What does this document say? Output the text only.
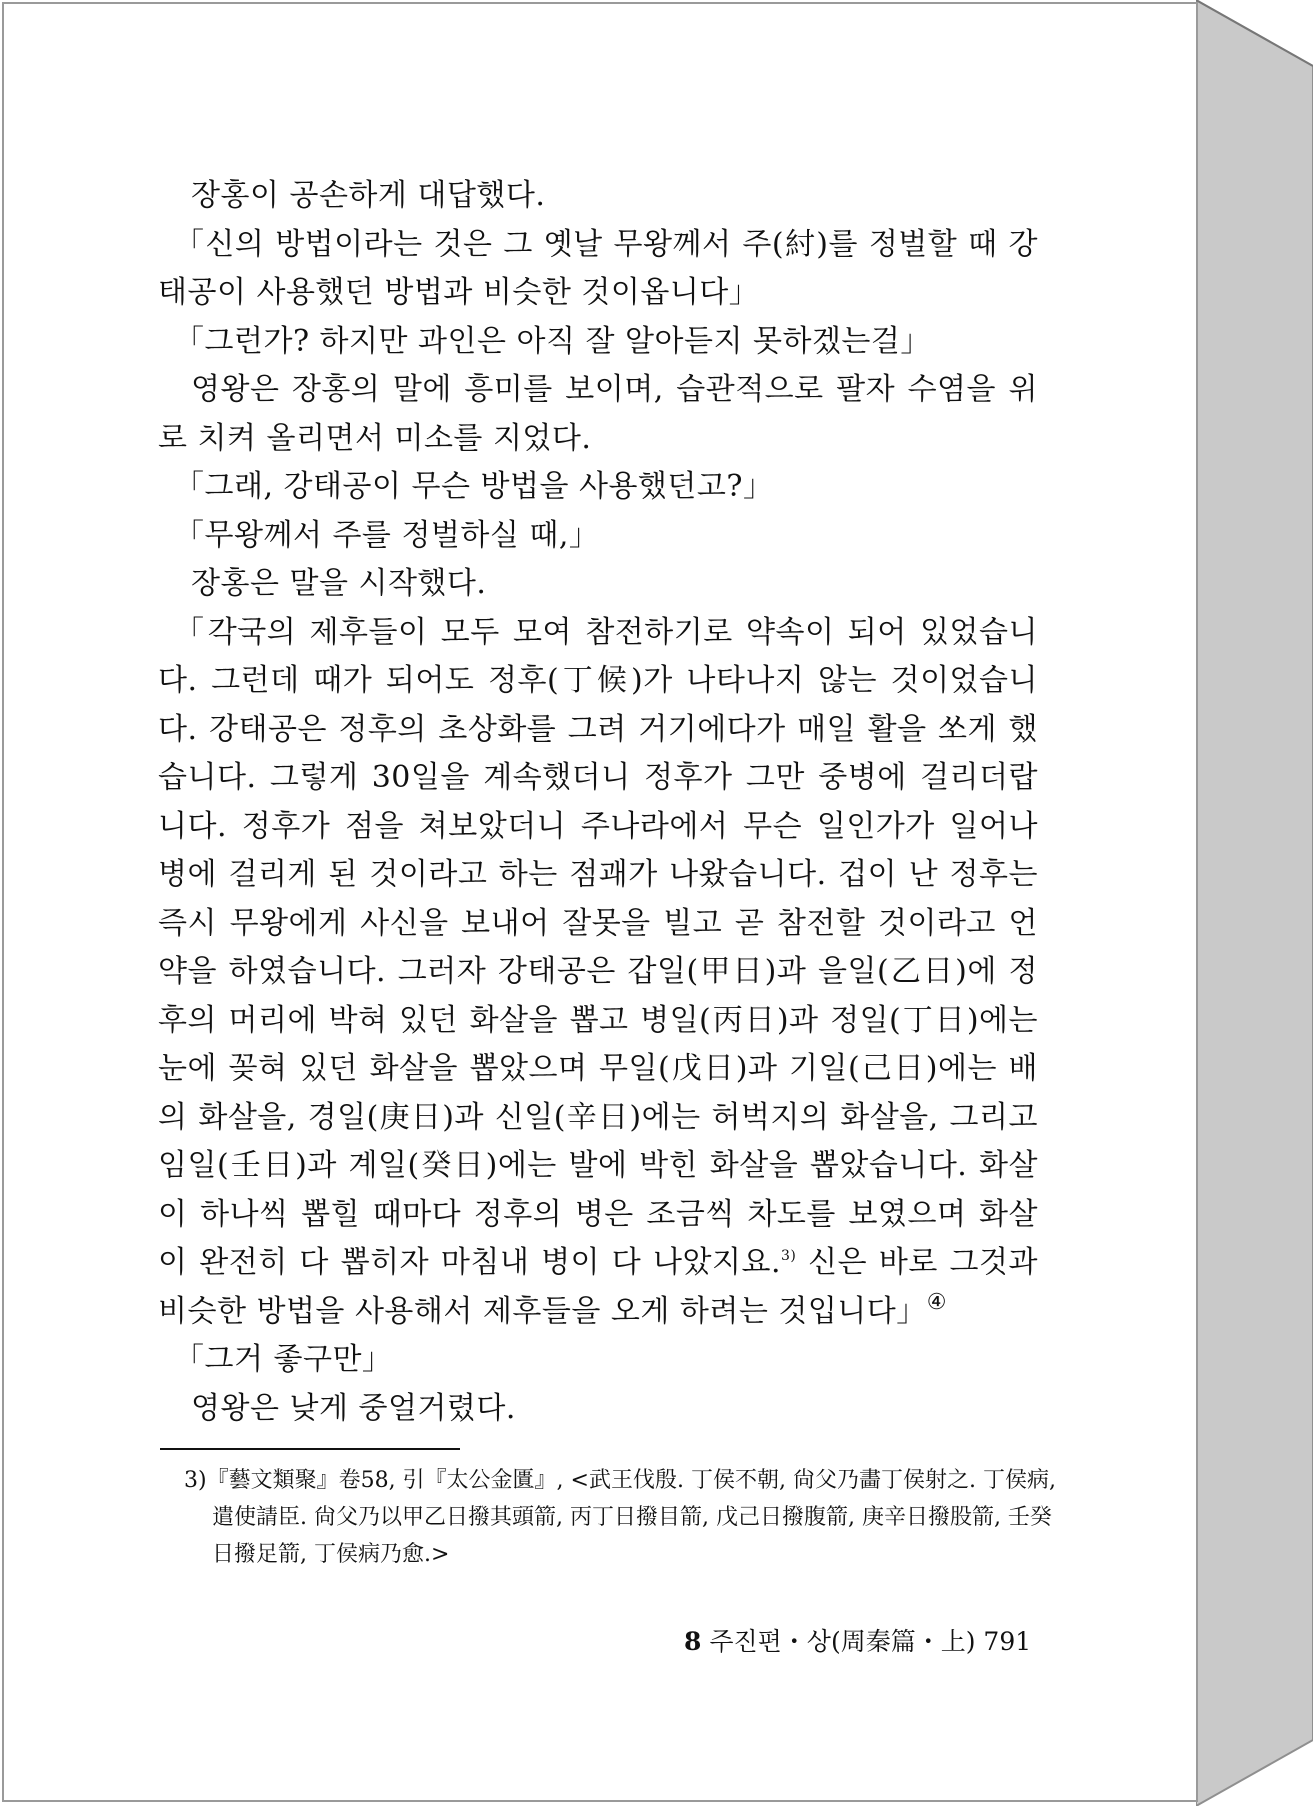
장홍이 공손하게 대답했다.

「신의 방법이라는 것은 그 옛날 무왕께서 주(紂)를 정벌할 때 강태공이 사용했던 방법과 비슷한 것이옵니다」

「그런가? 하지만 과인은 아직 잘 알아듣지 못하겠는걸」

영왕은 장홍의 말에 흥미를 보이며, 습관적으로 팔자 수염을 위로 치켜 올리면서 미소를 지었다.

「그래, 강태공이 무슨 방법을 사용했던고?」

「무왕께서 주를 정벌하실 때,」

장홍은 말을 시작했다.

「각국의 제후들이 모두 모여 참전하기로 약속이 되어 있었습니다. 그런데 때가 되어도 정후(丁候)가 나타나지 않는 것이었습니다. 강태공은 정후의 초상화를 그려 거기에다가 매일 활을 쏘게 했습니다. 그렇게 30일을 계속했더니 정후가 그만 중병에 걸리더랍니다. 정후가 점을 쳐보았더니 주나라에서 무슨 일인가가 일어나 병에 걸리게 된 것이라고 하는 점괘가 나왔습니다. 겁이 난 정후는 즉시 무왕에게 사신을 보내어 잘못을 빌고 곧 참전할 것이라고 언약을 하였습니다. 그러자 강태공은 갑일(甲日)과 을일(乙日)에 정후의 머리에 박혀 있던 화살을 뽑고 병일(丙日)과 정일(丁日)에는 눈에 꽂혀 있던 화살을 뽑았으며 무일(戊日)과 기일(己日)에는 배의 화살을, 경일(庚日)과 신일(辛日)에는 허벅지의 화살을, 그리고 임일(壬日)과 계일(癸日)에는 발에 박힌 화살을 뽑았습니다. 화살이 하나씩 뽑힐 때마다 정후의 병은 조금씩 차도를 보였으며 화살이 완전히 다 뽑히자 마침내 병이 다 나았지요.$^{3)}$ 신은 바로 그것과 비슷한 방법을 사용해서 제후들을 오게 하려는 것입니다」④

「그거 좋구만」

영왕은 낮게 중얼거렸다.

3)『藝文類聚』卷58, 引『太公金匱』, <武王伐殷. 丁侯不朝, 尙父乃畵丁侯射之. 丁侯病, 遣使請臣. 尙父乃以甲乙日撥其頭箭, 丙丁日撥目箭, 戊己日撥腹箭, 庚辛日撥股箭, 壬癸日撥足箭, 丁侯病乃愈.>
8 주진편・상(周秦篇・上) 791
